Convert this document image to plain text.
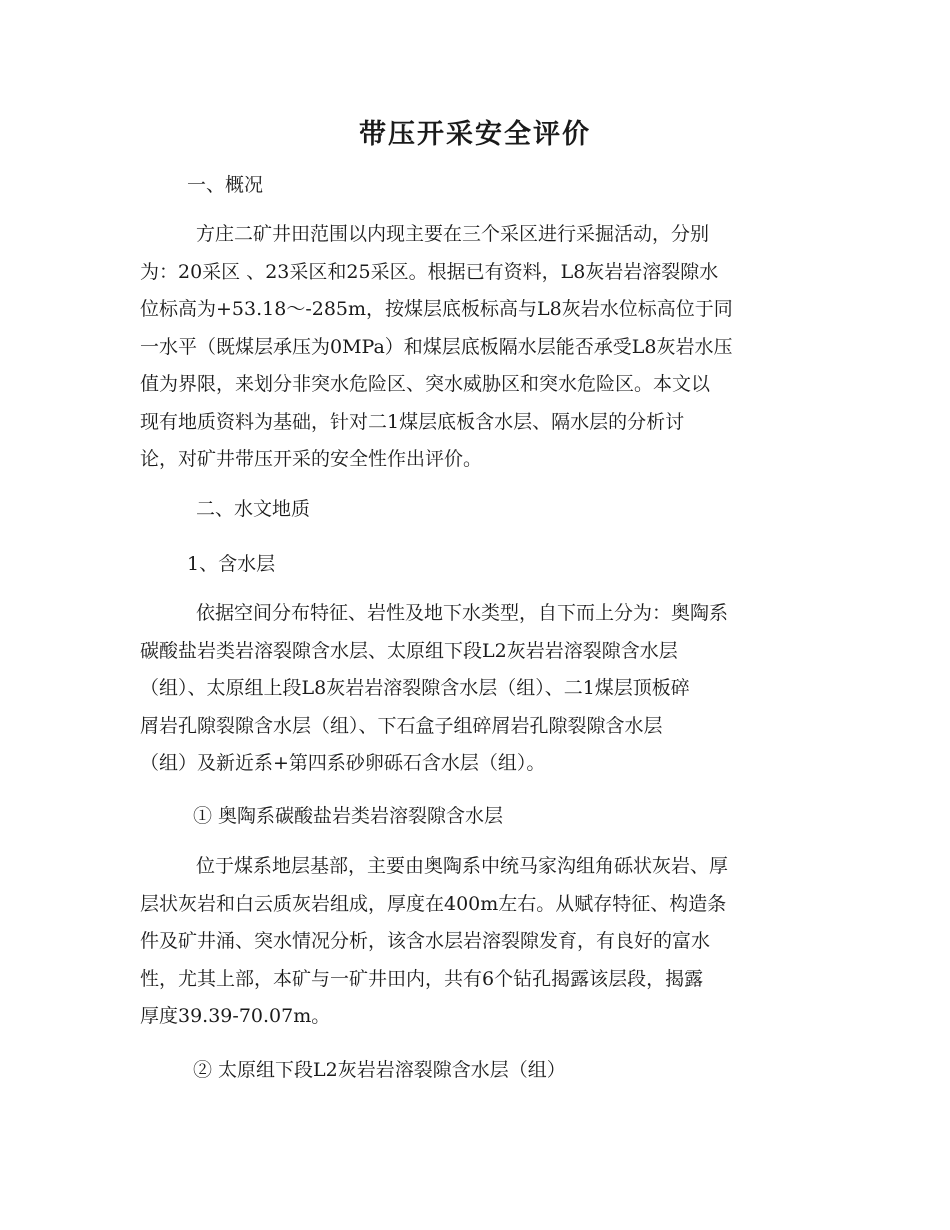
带压开采安全评价
一、概况
方庄二矿井田范围以内现主要在三个采区进行采掘活动，分别
为：20采区 、23采区和25采区。根据已有资料，L8灰岩岩溶裂隙水
位标高为+53.18～-285m，按煤层底板标高与L8灰岩水位标高位于同
一水平（既煤层承压为0MPa）和煤层底板隔水层能否承受L8灰岩水压
值为界限，来划分非突水危险区、突水威胁区和突水危险区。本文以
现有地质资料为基础，针对二1煤层底板含水层、隔水层的分析讨
论，对矿井带压开采的安全性作出评价。
二、水文地质
1、含水层
依据空间分布特征、岩性及地下水类型，自下而上分为：奥陶系
碳酸盐岩类岩溶裂隙含水层、太原组下段L2灰岩岩溶裂隙含水层
（组）、太原组上段L8灰岩岩溶裂隙含水层（组）、二1煤层顶板碎
屑岩孔隙裂隙含水层（组）、下石盒子组碎屑岩孔隙裂隙含水层
（组）及新近系+第四系砂卵砾石含水层（组）。
① 奥陶系碳酸盐岩类岩溶裂隙含水层
位于煤系地层基部，主要由奥陶系中统马家沟组角砾状灰岩、厚
层状灰岩和白云质灰岩组成，厚度在400m左右。从赋存特征、构造条
件及矿井涌、突水情况分析，该含水层岩溶裂隙发育，有良好的富水
性，尤其上部，本矿与一矿井田内，共有6个钻孔揭露该层段，揭露
厚度39.39-70.07m。
② 太原组下段L2灰岩岩溶裂隙含水层（组）
